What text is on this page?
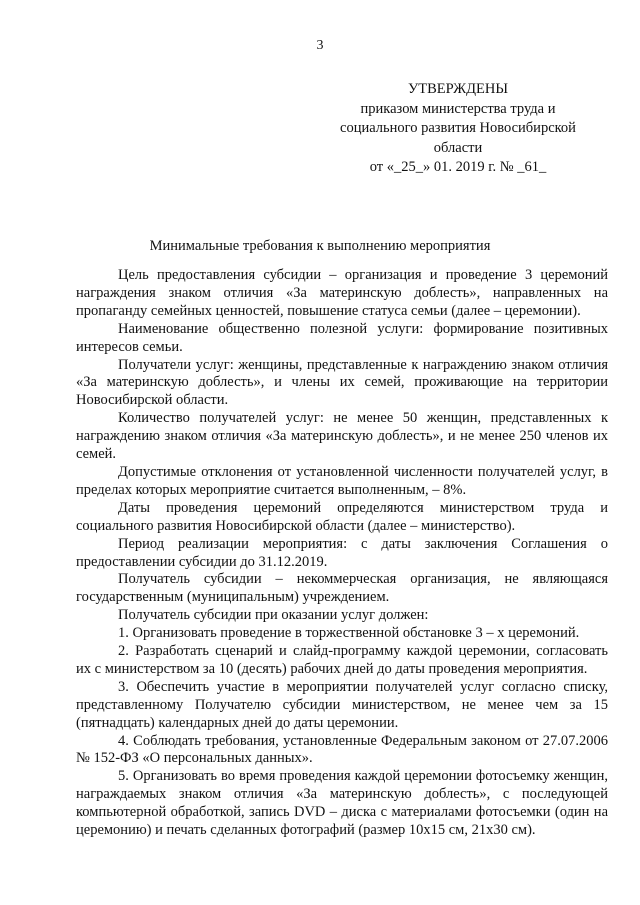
3
УТВЕРЖДЕНЫ
приказом министерства труда и
социального развития Новосибирской
области
от «_25_» 01. 2019 г. № _61_
Минимальные требования к выполнению мероприятия

Цель предоставления субсидии – организация и проведение 3 церемоний награждения знаком отличия «За материнскую доблесть», направленных на пропаганду семейных ценностей, повышение статуса семьи (далее – церемонии).

Наименование общественно полезной услуги: формирование позитивных интересов семьи.

Получатели услуг: женщины, представленные к награждению знаком отличия «За материнскую доблесть», и члены их семей, проживающие на территории Новосибирской области.

Количество получателей услуг: не менее 50 женщин, представленных к награждению знаком отличия «За материнскую доблесть», и не менее 250 членов их семей.

Допустимые отклонения от установленной численности получателей услуг, в пределах которых мероприятие считается выполненным, – 8%.

Даты проведения церемоний определяются министерством труда и социального развития Новосибирской области (далее – министерство).

Период реализации мероприятия: с даты заключения Соглашения о предоставлении субсидии до 31.12.2019.

Получатель субсидии – некоммерческая организация, не являющаяся государственным (муниципальным) учреждением.

Получатель субсидии при оказании услуг должен:

1. Организовать проведение в торжественной обстановке 3 – х церемоний.

2. Разработать сценарий и слайд-программу каждой церемонии, согласовать их с министерством за 10 (десять) рабочих дней до даты проведения мероприятия.

3. Обеспечить участие в мероприятии получателей услуг согласно списку, представленному Получателю субсидии министерством, не менее чем за 15 (пятнадцать) календарных дней до даты церемонии.

4. Соблюдать требования, установленные Федеральным законом от 27.07.2006 № 152-ФЗ «О персональных данных».

5. Организовать во время проведения каждой церемонии фотосъемку женщин, награждаемых знаком отличия «За материнскую доблесть», с последующей компьютерной обработкой, запись DVD – диска с материалами фотосъемки (один на церемонию) и печать сделанных фотографий (размер 10х15 см, 21х30 см).
